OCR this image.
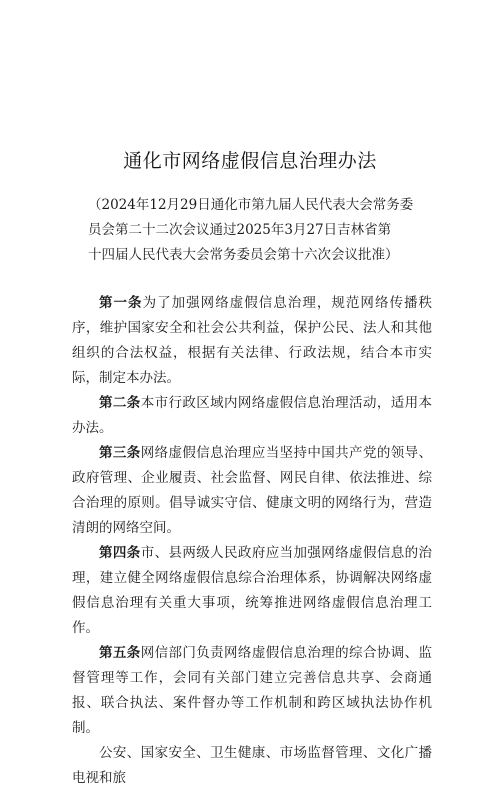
通化市网络虚假信息治理办法
（2024年12月29日通化市第九届人民代表大会常务委
员会第二十二次会议通过2025年3月27日吉林省第
十四届人民代表大会常务委员会第十六次会议批准）

第一条为了加强网络虚假信息治理，规范网络传播秩序，维护国家安全和社会公共利益，保护公民、法人和其他组织的合法权益，根据有关法律、行政法规，结合本市实际，制定本办法。

第二条本市行政区域内网络虚假信息治理活动，适用本办法。

第三条网络虚假信息治理应当坚持中国共产党的领导、政府管理、企业履责、社会监督、网民自律、依法推进、综合治理的原则。倡导诚实守信、健康文明的网络行为，营造清朗的网络空间。

第四条市、县两级人民政府应当加强网络虚假信息的治理，建立健全网络虚假信息综合治理体系，协调解决网络虚假信息治理有关重大事项，统筹推进网络虚假信息治理工作。

第五条网信部门负责网络虚假信息治理的综合协调、监督管理等工作，会同有关部门建立完善信息共享、会商通报、联合执法、案件督办等工作机制和跨区域执法协作机制。

公安、国家安全、卫生健康、市场监督管理、文化广播电视和旅
